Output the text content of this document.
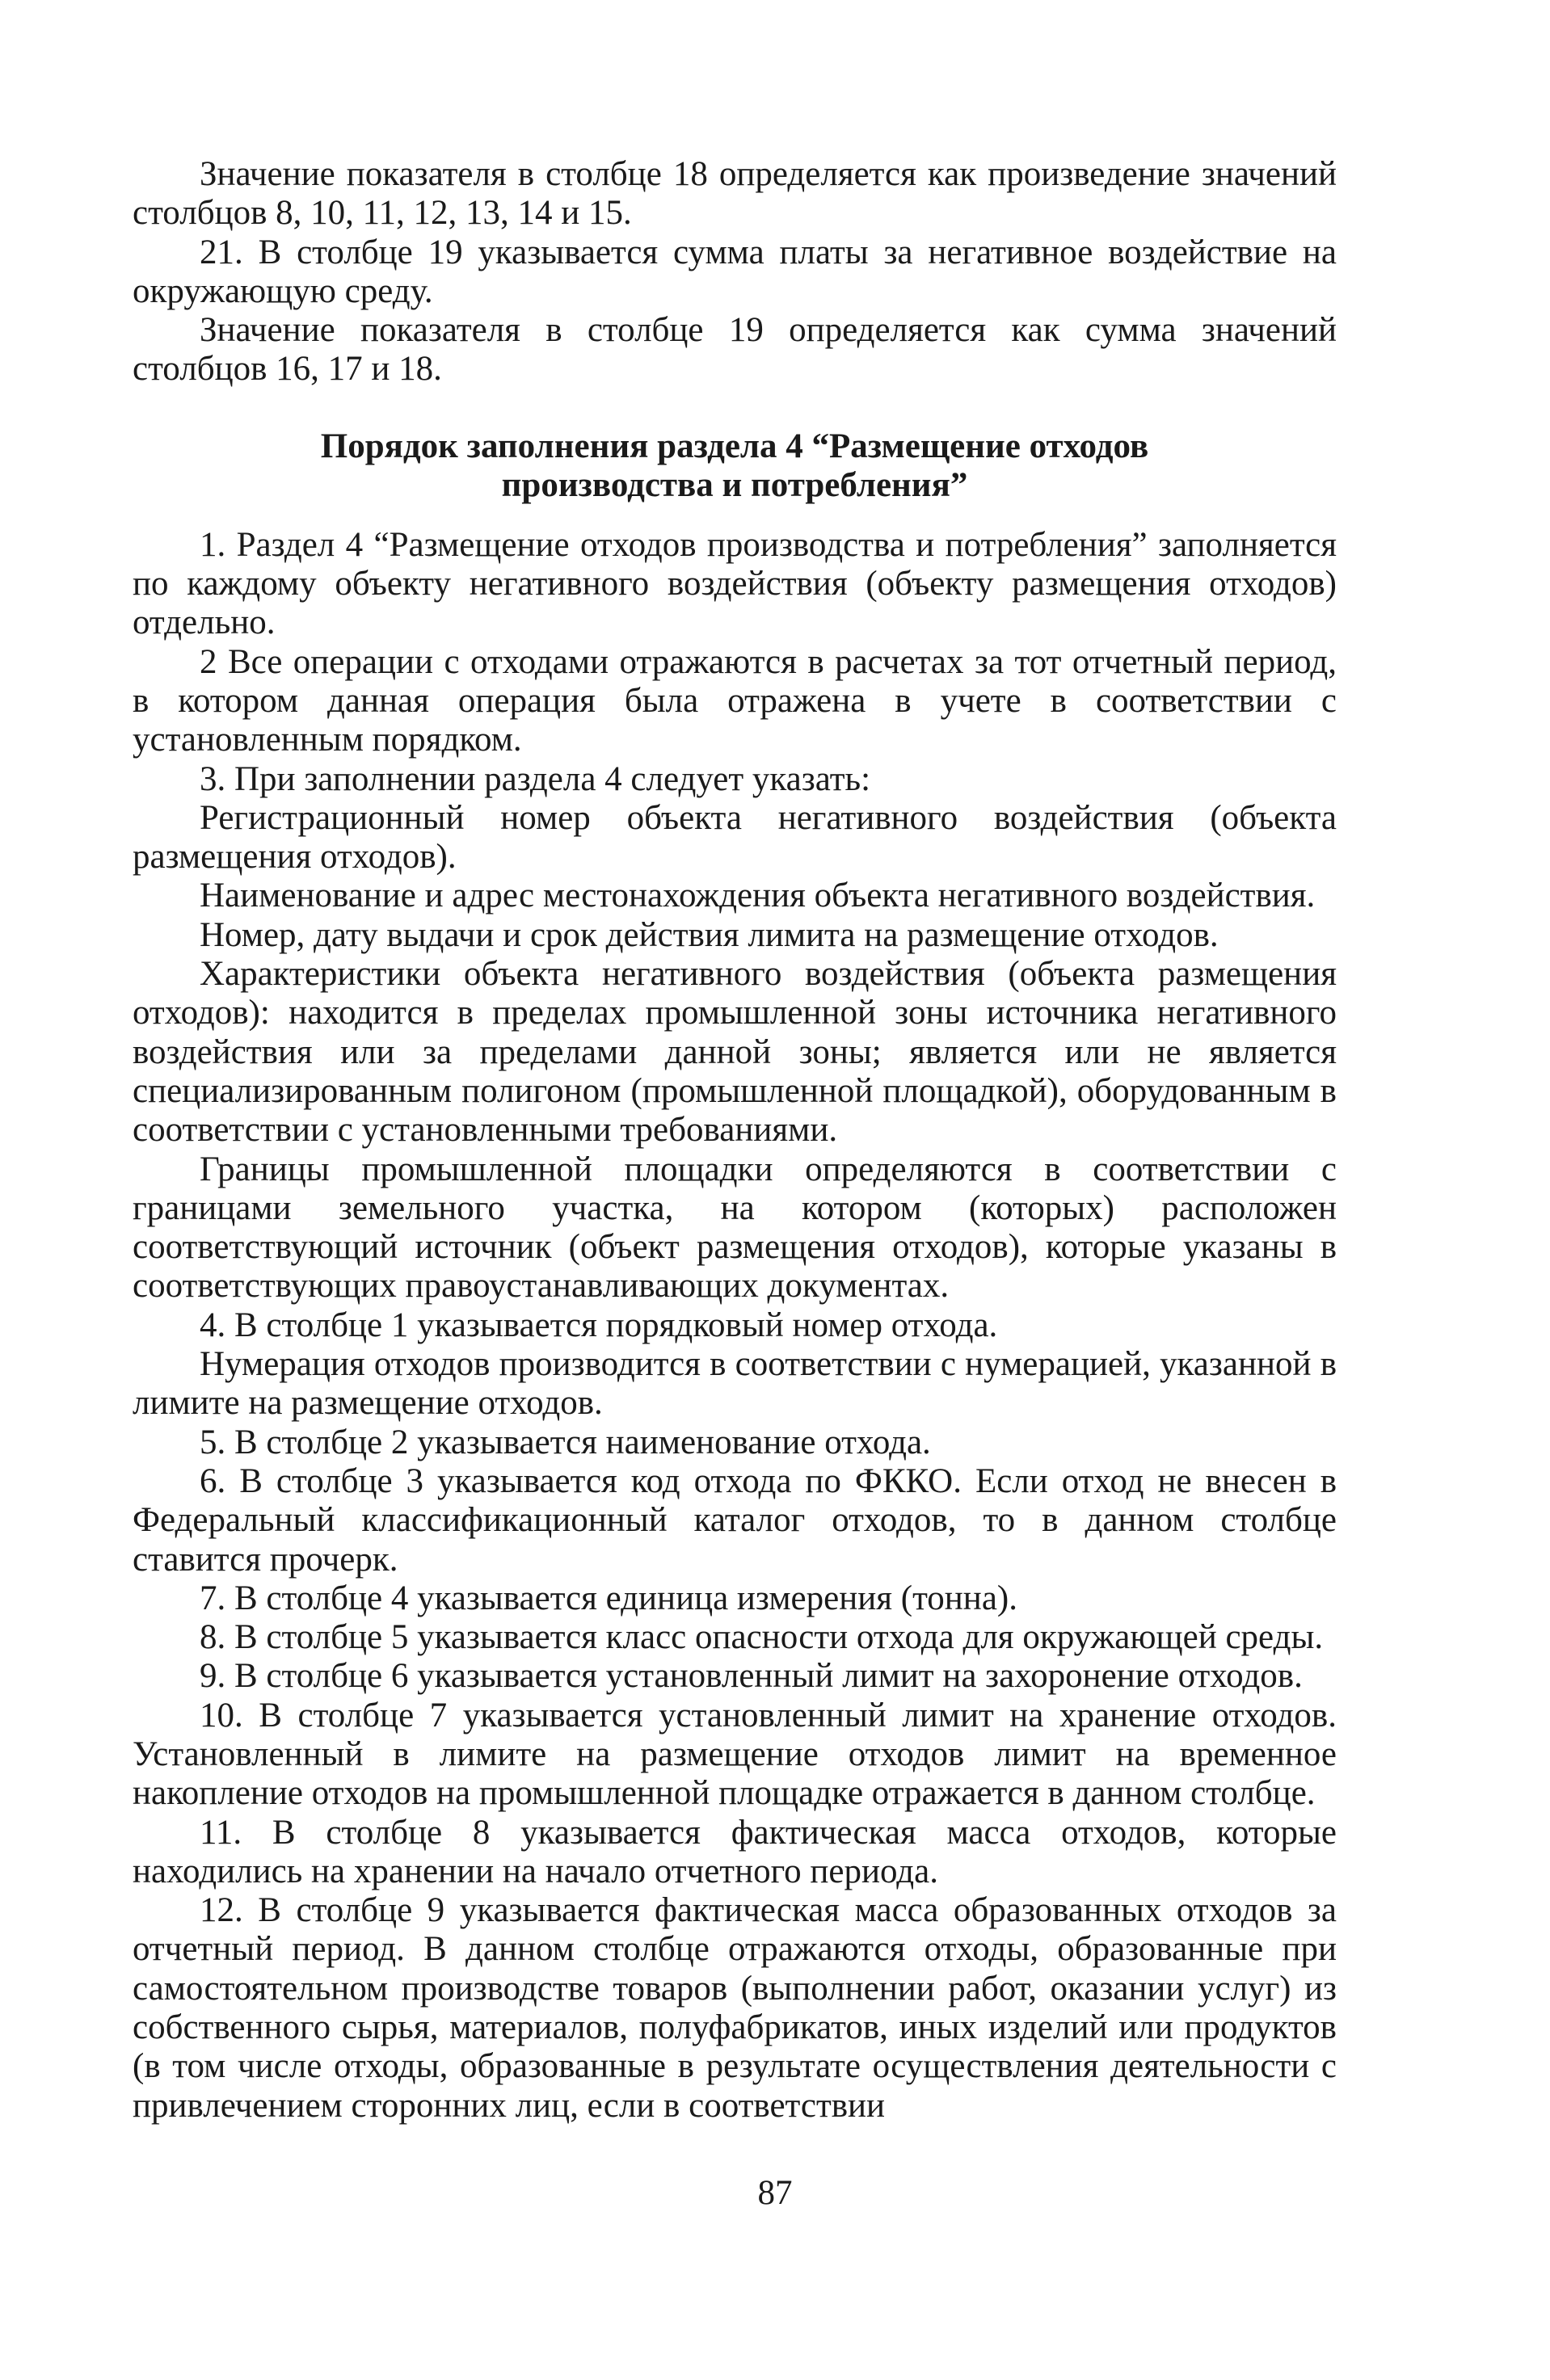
Значение показателя в столбце 18 определяется как произведение значений столбцов 8, 10, 11, 12, 13, 14 и 15.

21. В столбце 19 указывается сумма платы за негативное воздействие на окружающую среду.

Значение показателя в столбце 19 определяется как сумма значений столбцов 16, 17 и 18.

Порядок заполнения раздела 4 “Размещение отходов производства и потребления”

1. Раздел 4 “Размещение отходов производства и потребления” заполняется по каждому объекту негативного воздействия (объекту размещения отходов) отдельно.

2 Все операции с отходами отражаются в расчетах за тот отчетный период, в котором данная операция была отражена в учете в соответствии с установленным порядком.

3. При заполнении раздела 4 следует указать:

Регистрационный номер объекта негативного воздействия (объекта размещения отходов).

Наименование и адрес местонахождения объекта негативного воздействия.

Номер, дату выдачи и срок действия лимита на размещение отходов.

Характеристики объекта негативного воздействия (объекта размещения отходов): находится в пределах промышленной зоны источника негативного воздействия или за пределами данной зоны; является или не является специализированным полигоном (промышленной площадкой), оборудованным в соответствии с установленными требованиями.

Границы промышленной площадки определяются в соответствии с границами земельного участка, на котором (которых) расположен соответствующий источник (объект размещения отходов), которые указаны в соответствующих правоустанавливающих документах.

4. В столбце 1 указывается порядковый номер отхода.

Нумерация отходов производится в соответствии с нумерацией, указанной в лимите на размещение отходов.

5. В столбце 2 указывается наименование отхода.

6. В столбце 3 указывается код отхода по ФККО. Если отход не внесен в Федеральный классификационный каталог отходов, то в данном столбце ставится прочерк.

7. В столбце 4 указывается единица измерения (тонна).

8. В столбце 5 указывается класс опасности отхода для окружающей среды.

9. В столбце 6 указывается установленный лимит на захоронение отходов.

10. В столбце 7 указывается установленный лимит на хранение отходов. Установленный в лимите на размещение отходов лимит на временное накопление отходов на промышленной площадке отражается в данном столбце.

11. В столбце 8 указывается фактическая масса отходов, которые находились на хранении на начало отчетного периода.

12. В столбце 9 указывается фактическая масса образованных отходов за отчетный период. В данном столбце отражаются отходы, образованные при самостоятельном производстве товаров (выполнении работ, оказании услуг) из собственного сырья, материалов, полуфабрикатов, иных изделий или продуктов (в том числе отходы, образованные в результате осуществления деятельности с привлечением сторонних лиц, если в соответствии

87
